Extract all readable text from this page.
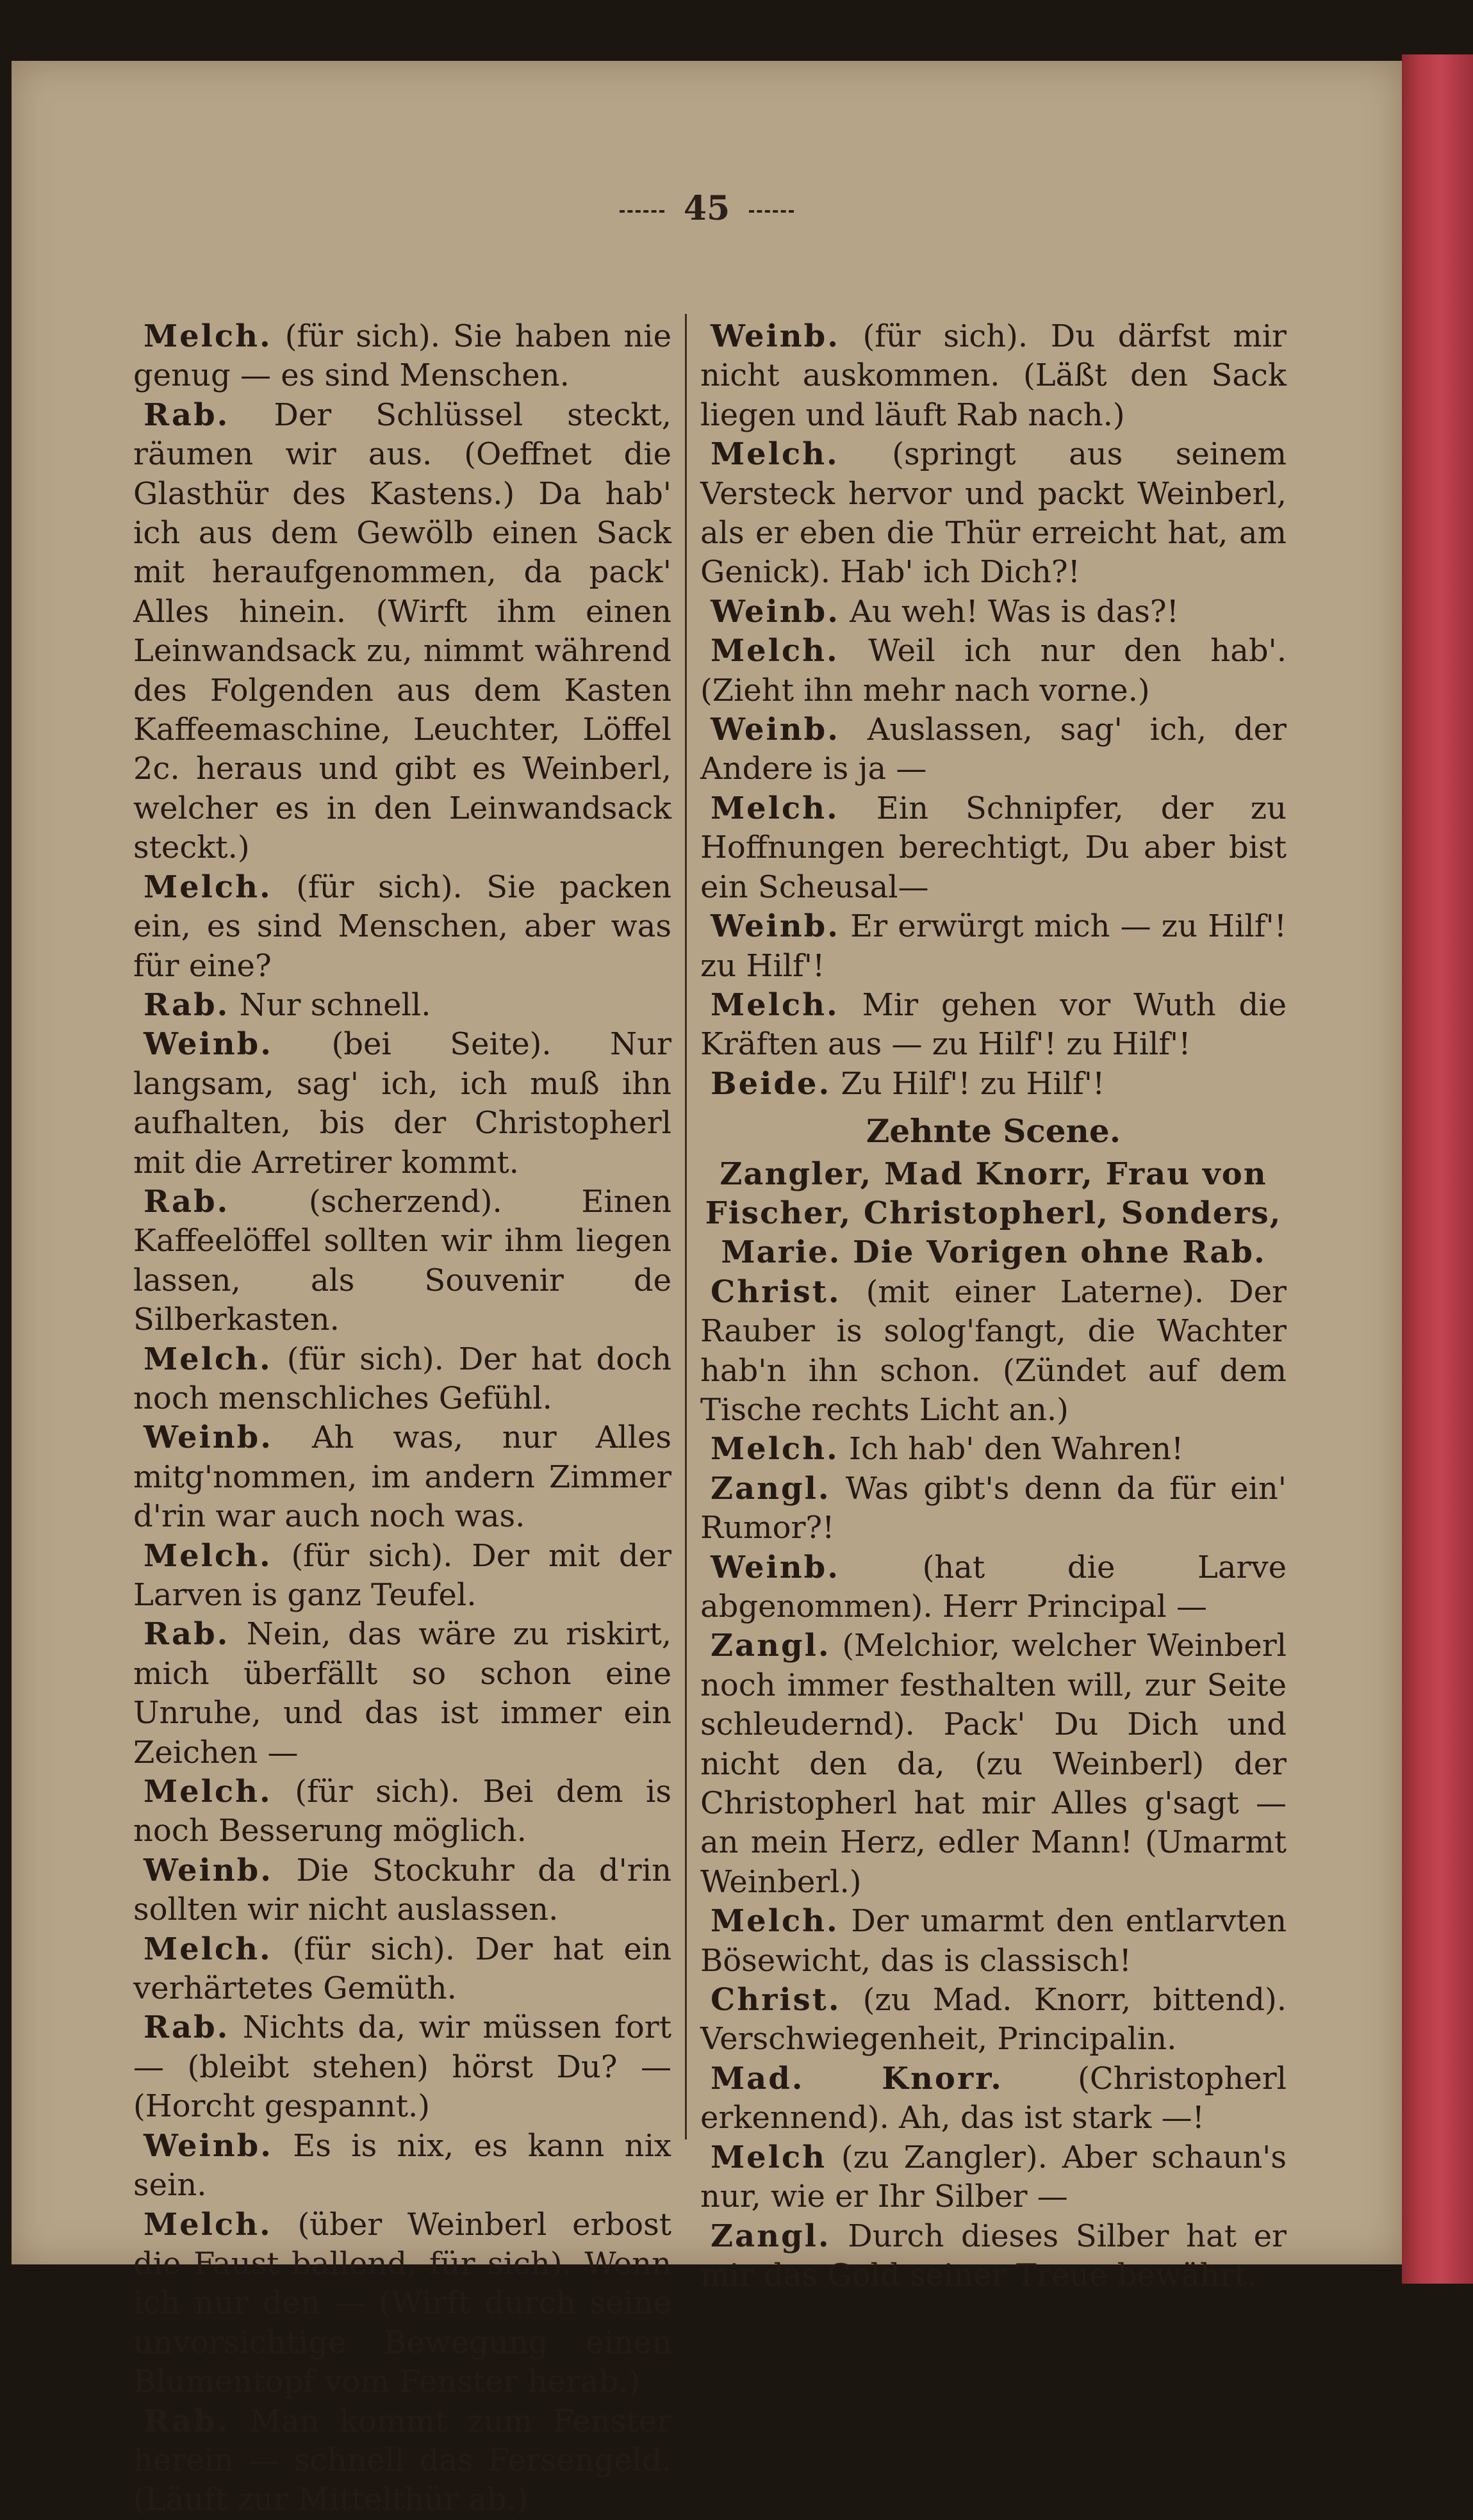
45

Melch. (für sich). Sie haben nie genug — es sind Menschen.

Rab. Der Schlüssel steckt, räumen wir aus. (Oeffnet die Glasthür des Kastens.) Da hab' ich aus dem Gewölb einen Sack mit heraufgenommen, da pack' Alles hinein. (Wirft ihm einen Leinwandsack zu, nimmt während des Folgenden aus dem Kasten Kaffeemaschine, Leuchter, Löffel 2c. heraus und gibt es Weinberl, welcher es in den Leinwandsack steckt.)

Melch. (für sich). Sie packen ein, es sind Menschen, aber was für eine?

Rab. Nur schnell.

Weinb. (bei Seite). Nur langsam, sag' ich, ich muß ihn aufhalten, bis der Christopherl mit die Arretirer kommt.

Rab. (scherzend). Einen Kaffeelöffel sollten wir ihm liegen lassen, als Souvenir de Silberkasten.

Melch. (für sich). Der hat doch noch menschliches Gefühl.

Weinb. Ah was, nur Alles mitg'nommen, im andern Zimmer d'rin war auch noch was.

Melch. (für sich). Der mit der Larven is ganz Teufel.

Rab. Nein, das wäre zu riskirt, mich überfällt so schon eine Unruhe, und das ist immer ein Zeichen —

Melch. (für sich). Bei dem is noch Besserung möglich.

Weinb. Die Stockuhr da d'rin sollten wir nicht auslassen.

Melch. (für sich). Der hat ein verhärtetes Gemüth.

Rab. Nichts da, wir müssen fort — (bleibt stehen) hörst Du? — (Horcht gespannt.)

Weinb. Es is nix, es kann nix sein.

Melch. (über Weinberl erbost die Faust ballend, für sich). Wenn ich nur den — (Wirft durch seine unvorsichtige Bewegung einen Blumentopf vom Fenster herab.)

Rab. Man kommt zum Fenster herein — schnell das Fersengeld. (Läuft zur Mittelthür ab.)

Weinb. (für sich). Du därfst mir nicht auskommen. (Läßt den Sack liegen und läuft Rab nach.)

Melch. (springt aus seinem Versteck hervor und packt Weinberl, als er eben die Thür erreicht hat, am Genick). Hab' ich Dich?!

Weinb. Au weh! Was is das?!

Melch. Weil ich nur den hab'. (Zieht ihn mehr nach vorne.)

Weinb. Auslassen, sag' ich, der Andere is ja —

Melch. Ein Schnipfer, der zu Hoffnungen berechtigt, Du aber bist ein Scheusal—

Weinb. Er erwürgt mich — zu Hilf'! zu Hilf'!

Melch. Mir gehen vor Wuth die Kräften aus — zu Hilf'! zu Hilf'!

Beide. Zu Hilf'! zu Hilf'!

Zehnte Scene.
Zangler, Mad Knorr, Frau von Fischer, Christopherl, Sonders, Marie. Die Vorigen ohne Rab.

Christ. (mit einer Laterne). Der Rauber is solog'fangt, die Wachter hab'n ihn schon. (Zündet auf dem Tische rechts Licht an.)

Melch. Ich hab' den Wahren!

Zangl. Was gibt's denn da für ein' Rumor?!

Weinb. (hat die Larve abgenommen). Herr Principal —

Zangl. (Melchior, welcher Weinberl noch immer festhalten will, zur Seite schleudernd). Pack' Du Dich und nicht den da, (zu Weinberl) der Christopherl hat mir Alles g'sagt — an mein Herz, edler Mann! (Umarmt Weinberl.)

Melch. Der umarmt den entlarvten Bösewicht, das is classisch!

Christ. (zu Mad. Knorr, bittend). Verschwiegenheit, Principalin.

Mad. Knorr. (Christopherl erkennend). Ah, das ist stark —!

Melch (zu Zangler). Aber schaun's nur, wie er Ihr Silber —

Zangl. Durch dieses Silber hat er mir das Gold seiner Treue bewährt.
